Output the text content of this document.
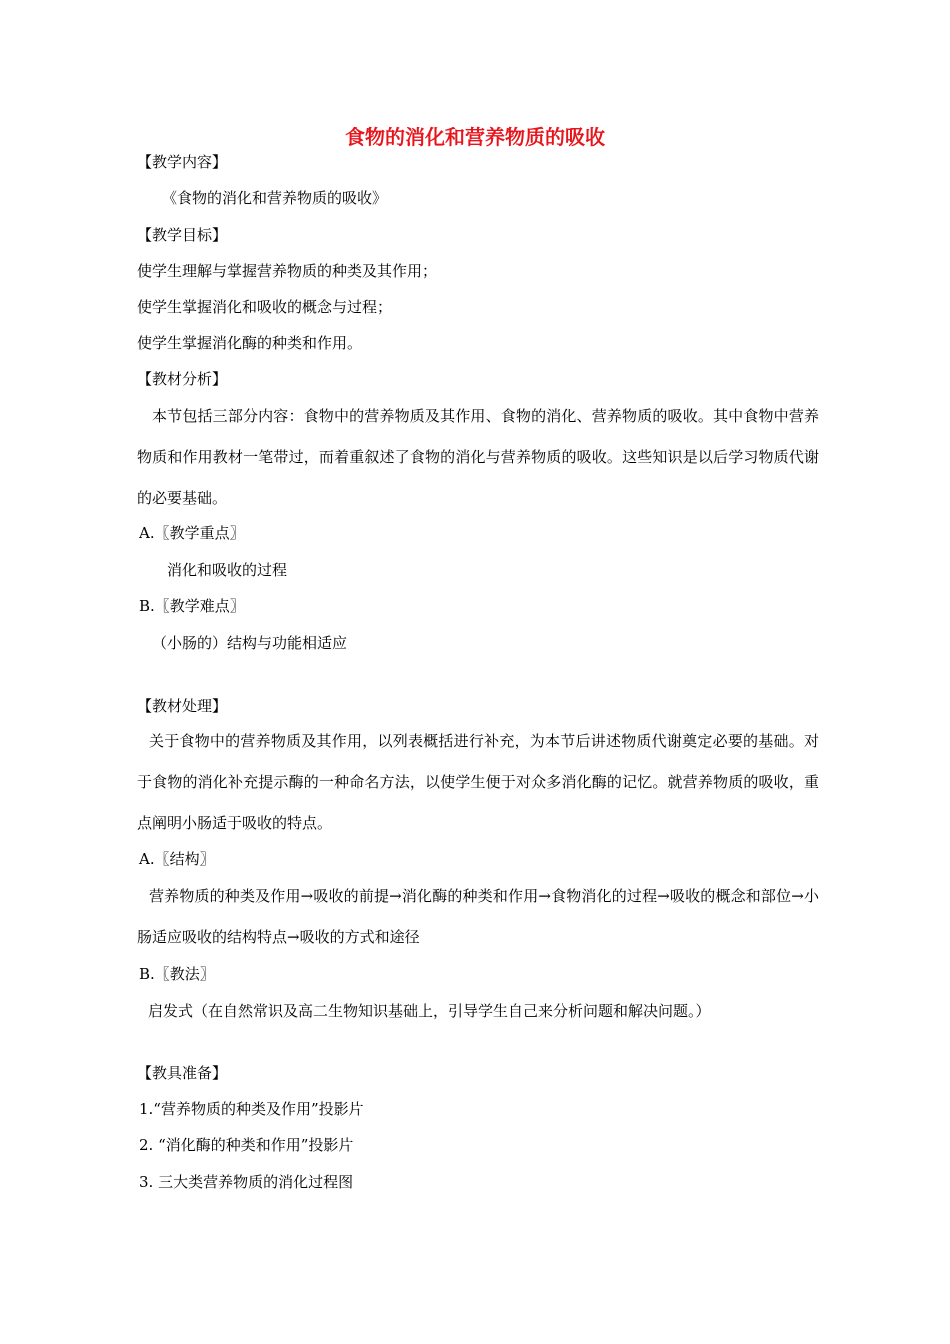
食物的消化和营养物质的吸收
【教学内容】
《食物的消化和营养物质的吸收》
【教学目标】
使学生理解与掌握营养物质的种类及其作用；
使学生掌握消化和吸收的概念与过程；
使学生掌握消化酶的种类和作用。
【教材分析】
本节包括三部分内容：食物中的营养物质及其作用、食物的消化、营养物质的吸收。其中食物中营养物质和作用教材一笔带过，而着重叙述了食物的消化与营养物质的吸收。这些知识是以后学习物质代谢的必要基础。
A.〖教学重点〗
消化和吸收的过程
B.〖教学难点〗
（小肠的）结构与功能相适应
【教材处理】
关于食物中的营养物质及其作用，以列表概括进行补充，为本节后讲述物质代谢奠定必要的基础。对于食物的消化补充提示酶的一种命名方法，以使学生便于对众多消化酶的记忆。就营养物质的吸收，重点阐明小肠适于吸收的特点。
A.〖结构〗
营养物质的种类及作用→吸收的前提→消化酶的种类和作用→食物消化的过程→吸收的概念和部位→小肠适应吸收的结构特点→吸收的方式和途径
B.〖教法〗
启发式（在自然常识及高二生物知识基础上，引导学生自己来分析问题和解决问题。）
【教具准备】
1.“营养物质的种类及作用”投影片
2. “消化酶的种类和作用”投影片
3. 三大类营养物质的消化过程图
